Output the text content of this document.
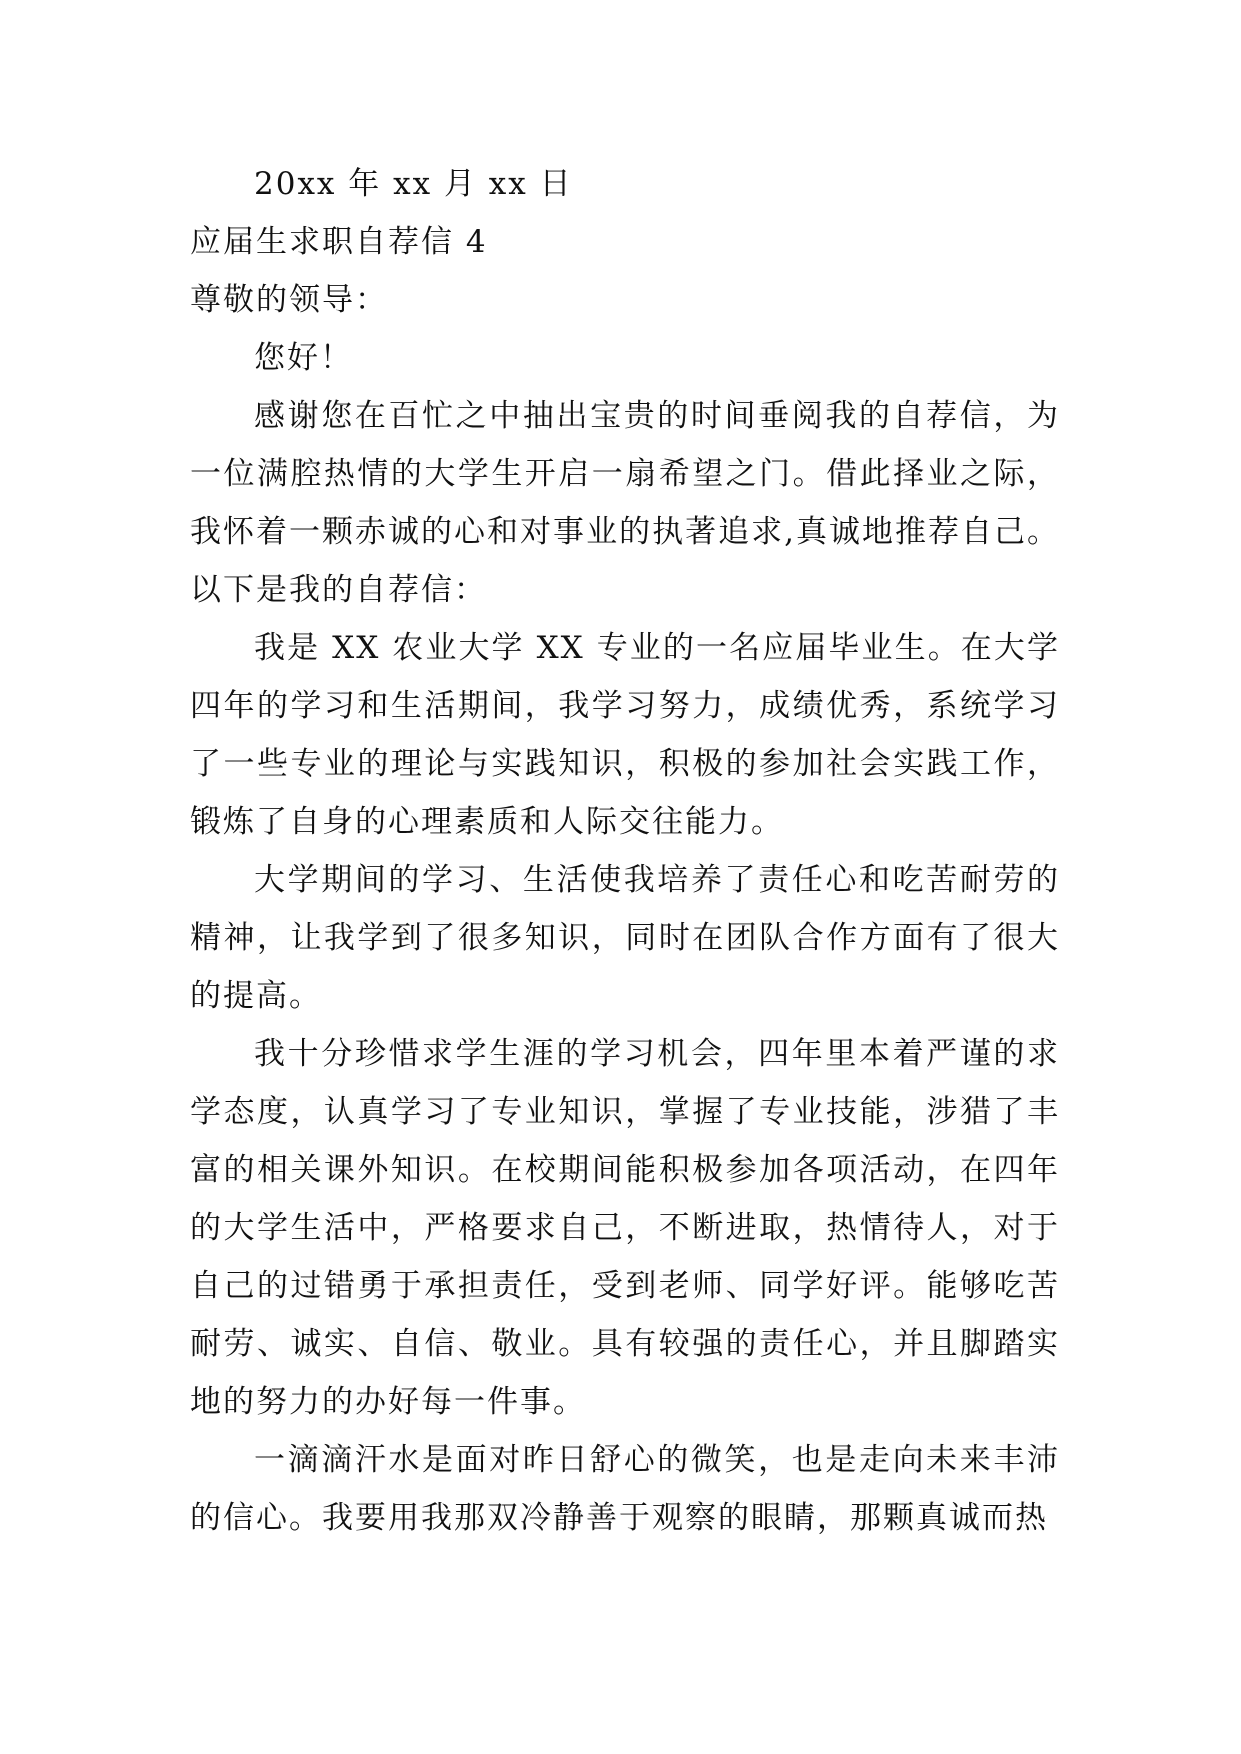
20xx 年 xx 月 xx 日

应届生求职自荐信 4

尊敬的领导：

您好！

感谢您在百忙之中抽出宝贵的时间垂阅我的自荐信，为一位满腔热情的大学生开启一扇希望之门。借此择业之际，我怀着一颗赤诚的心和对事业的执著追求,真诚地推荐自己。以下是我的自荐信：

我是 XX 农业大学 XX 专业的一名应届毕业生。在大学四年的学习和生活期间，我学习努力，成绩优秀，系统学习了一些专业的理论与实践知识，积极的参加社会实践工作，锻炼了自身的心理素质和人际交往能力。

大学期间的学习、生活使我培养了责任心和吃苦耐劳的精神，让我学到了很多知识，同时在团队合作方面有了很大的提高。

我十分珍惜求学生涯的学习机会，四年里本着严谨的求学态度，认真学习了专业知识，掌握了专业技能，涉猎了丰富的相关课外知识。在校期间能积极参加各项活动，在四年的大学生活中，严格要求自己，不断进取，热情待人，对于自己的过错勇于承担责任，受到老师、同学好评。能够吃苦耐劳、诚实、自信、敬业。具有较强的责任心，并且脚踏实地的努力的办好每一件事。

一滴滴汗水是面对昨日舒心的微笑，也是走向未来丰沛的信心。我要用我那双冷静善于观察的眼睛，那颗真诚而热
